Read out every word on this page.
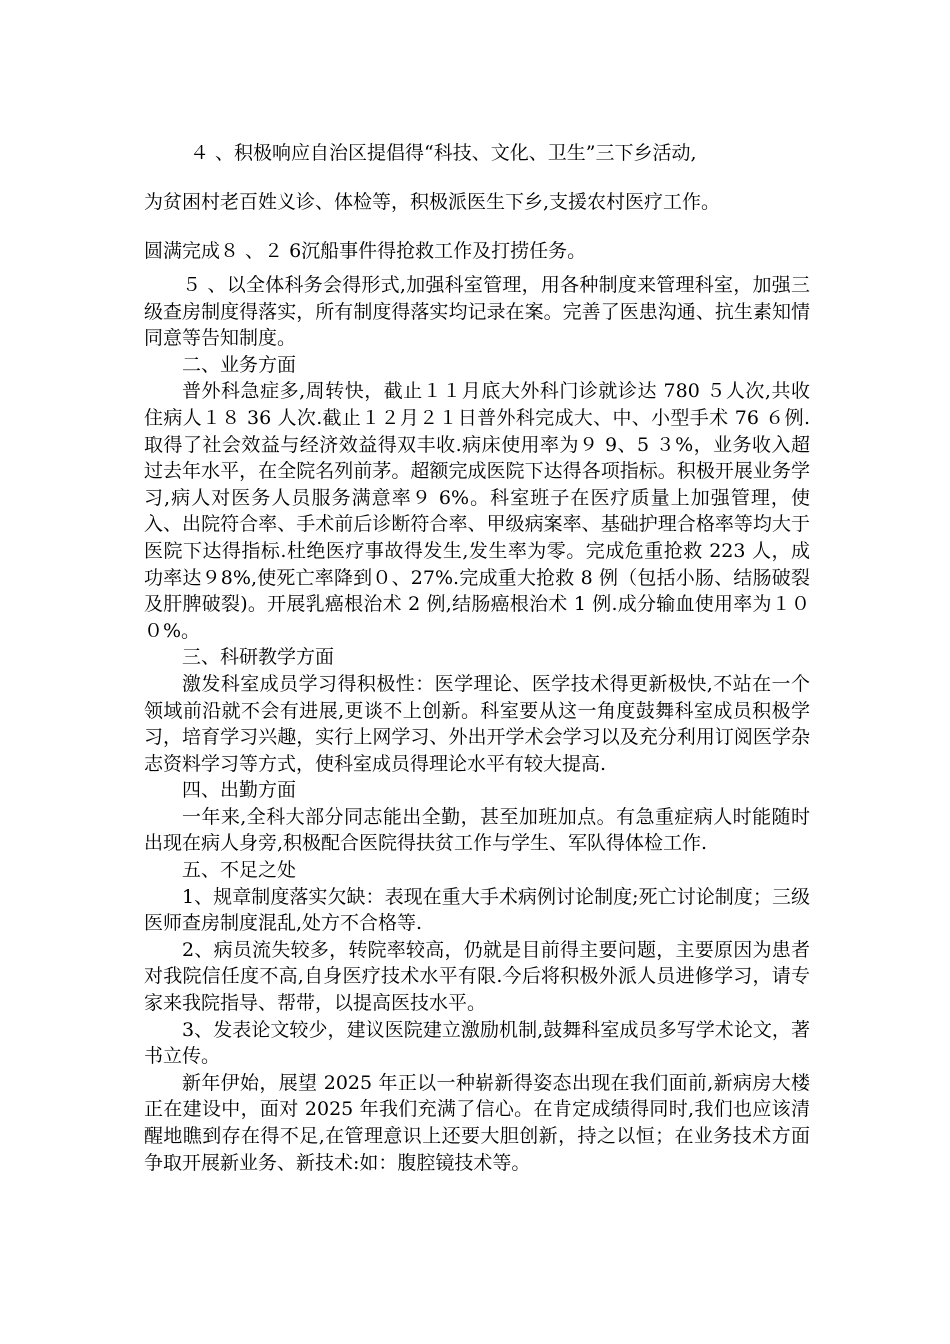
４ 、积极响应自治区提倡得“科技、文化、卫生”三下乡活动,

为贫困村老百姓义诊、体检等，积极派医生下乡,支援农村医疗工作。

圆满完成８ 、２ 6沉船事件得抢救工作及打捞任务。

５ 、以全体科务会得形式,加强科室管理，用各种制度来管理科室，加强三级查房制度得落实，所有制度得落实均记录在案。完善了医患沟通、抗生素知情同意等告知制度。

二、业务方面

普外科急症多,周转快，截止１１月底大外科门诊就诊达 780 ５人次,共收住病人１８ 36 人次.截止１２月２１日普外科完成大、中、小型手术 76 ６例.取得了社会效益与经济效益得双丰收.病床使用率为９ 9、5 ３%，业务收入超过去年水平，在全院名列前茅。超额完成医院下达得各项指标。积极开展业务学习,病人对医务人员服务满意率９ 6%。科室班子在医疗质量上加强管理，使入、出院符合率、手术前后诊断符合率、甲级病案率、基础护理合格率等均大于医院下达得指标.杜绝医疗事故得发生,发生率为零。完成危重抢救 223 人，成功率达９8%,使死亡率降到０、27%.完成重大抢救 8 例（包括小肠、结肠破裂及肝脾破裂)。开展乳癌根治术 2 例,结肠癌根治术 1 例.成分输血使用率为１００%。

三、科研教学方面

激发科室成员学习得积极性：医学理论、医学技术得更新极快,不站在一个领域前沿就不会有进展,更谈不上创新。科室要从这一角度鼓舞科室成员积极学习，培育学习兴趣，实行上网学习、外出开学术会学习以及充分利用订阅医学杂志资料学习等方式，使科室成员得理论水平有较大提高.

四、出勤方面

一年来,全科大部分同志能出全勤，甚至加班加点。有急重症病人时能随时出现在病人身旁,积极配合医院得扶贫工作与学生、军队得体检工作.

五、不足之处

1、规章制度落实欠缺：表现在重大手术病例讨论制度;死亡讨论制度；三级医师查房制度混乱,处方不合格等.

2、病员流失较多，转院率较高，仍就是目前得主要问题，主要原因为患者对我院信任度不高,自身医疗技术水平有限.今后将积极外派人员进修学习，请专家来我院指导、帮带，以提高医技水平。

3、发表论文较少，建议医院建立激励机制,鼓舞科室成员多写学术论文，著书立传。

新年伊始，展望 2025 年正以一种崭新得姿态出现在我们面前,新病房大楼正在建设中，面对 2025 年我们充满了信心。在肯定成绩得同时,我们也应该清醒地瞧到存在得不足,在管理意识上还要大胆创新，持之以恒；在业务技术方面争取开展新业务、新技术:如：腹腔镜技术等。
